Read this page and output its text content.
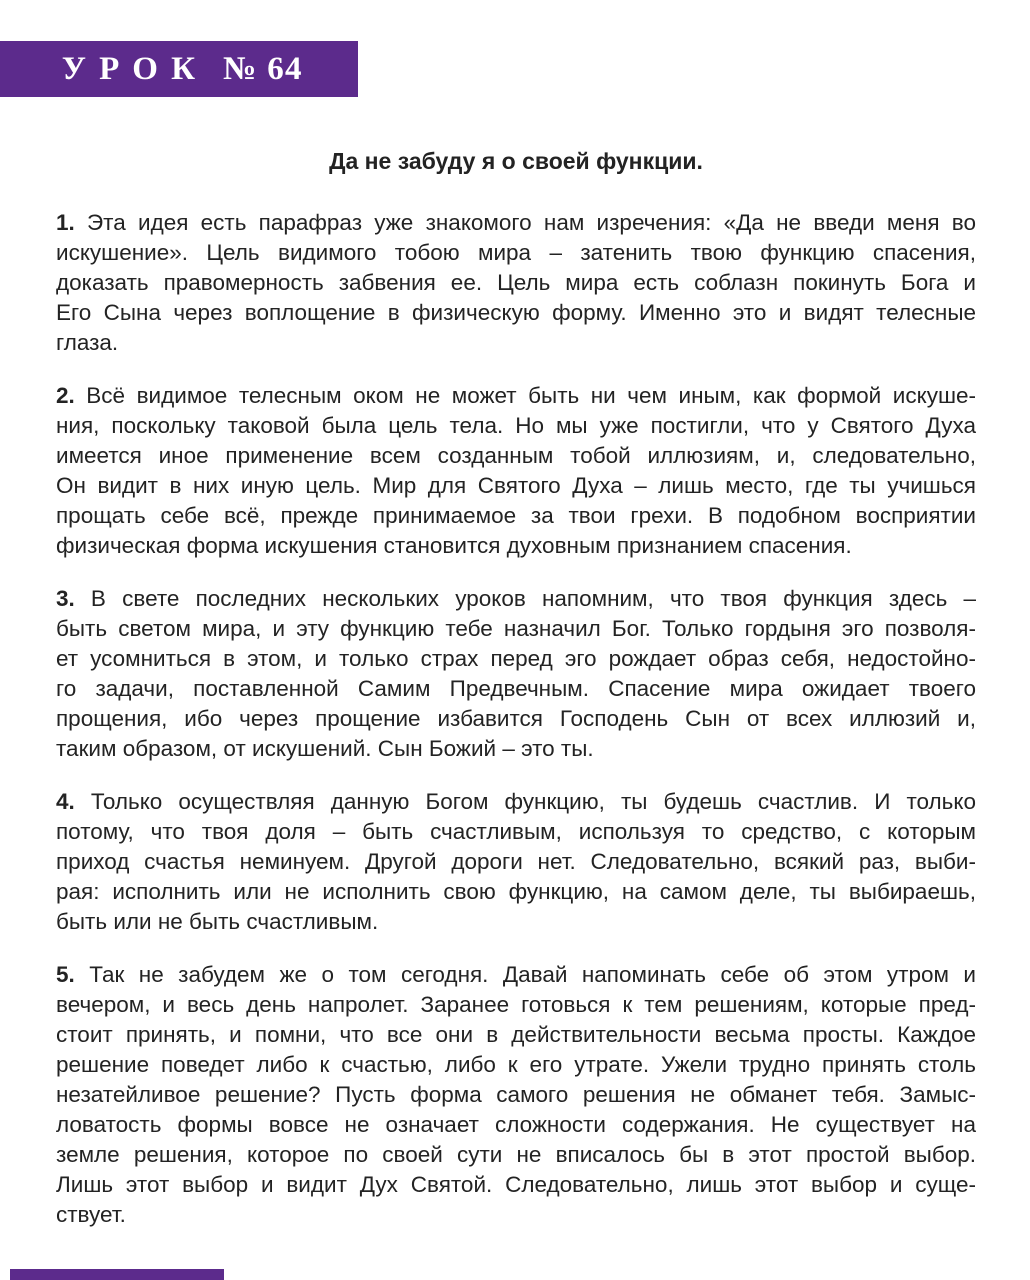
УРОК № 64
Да не забуду я о своей функции.
1. Эта идея есть парафраз уже знакомого нам изречения: «Да не введи меня во
искушение». Цель видимого тобою мира – затенить твою функцию спасения,
доказать правомерность забвения ее. Цель мира есть соблазн покинуть Бога и
Его Сына через воплощение в физическую форму. Именно это и видят телесные
глаза.
2. Всё видимое телесным оком не может быть ни чем иным, как формой искуше-
ния, поскольку таковой была цель тела. Но мы уже постигли, что у Святого Духа
имеется иное применение всем созданным тобой иллюзиям, и, следовательно,
Он видит в них иную цель. Мир для Святого Духа – лишь место, где ты учишься
прощать себе всё, прежде принимаемое за твои грехи. В подобном восприятии
физическая форма искушения становится духовным признанием спасения.
3. В свете последних нескольких уроков напомним, что твоя функция здесь –
быть светом мира, и эту функцию тебе назначил Бог. Только гордыня эго позволя-
ет усомниться в этом, и только страх перед эго рождает образ себя, недостойно-
го задачи, поставленной Самим Предвечным. Спасение мира ожидает твоего
прощения, ибо через прощение избавится Господень Сын от всех иллюзий и,
таким образом, от искушений. Сын Божий – это ты.
4. Только осуществляя данную Богом функцию, ты будешь счастлив. И только
потому, что твоя доля – быть счастливым, используя то средство, с которым
приход счастья неминуем. Другой дороги нет. Следовательно, всякий раз, выби-
рая: исполнить или не исполнить свою функцию, на самом деле, ты выбираешь,
быть или не быть счастливым.
5. Так не забудем же о том сегодня. Давай напоминать себе об этом утром и
вечером, и весь день напролет. Заранее готовься к тем решениям, которые пред-
стоит принять, и помни, что все они в действительности весьма просты. Каждое
решение поведет либо к счастью, либо к его утрате. Ужели трудно принять столь
незатейливое решение? Пусть форма самого решения не обманет тебя. Замыс-
ловатость формы вовсе не означает сложности содержания. Не существует на
земле решения, которое по своей сути не вписалось бы в этот простой выбор.
Лишь этот выбор и видит Дух Святой. Следовательно, лишь этот выбор и суще-
ствует.
